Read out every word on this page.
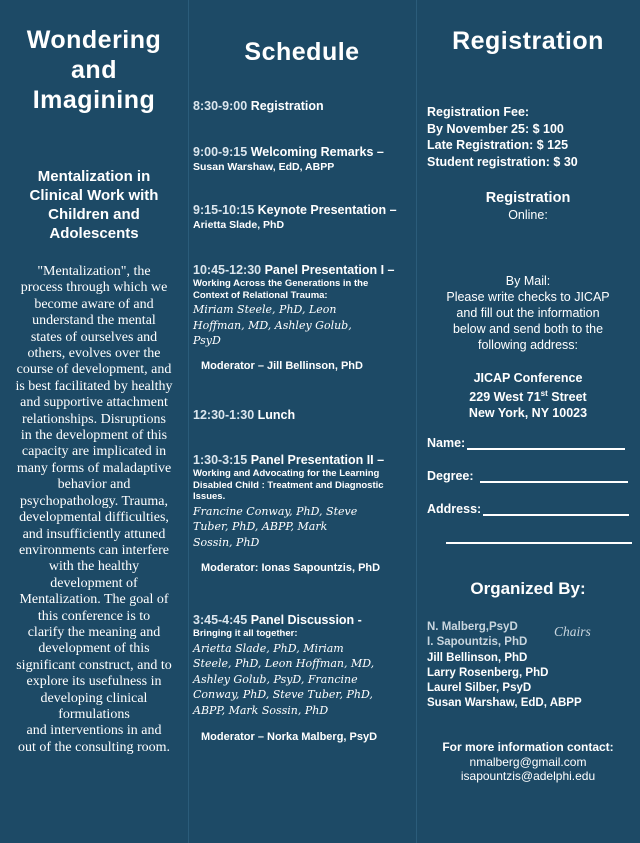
Wondering
and
Imagining
Mentalization in
Clinical Work with
Children and
Adolescents
"Mentalization", the
process through which we
become aware of and
understand the mental
states of ourselves and
others, evolves over the
course of development, and
is best facilitated by healthy
and supportive attachment
relationships. Disruptions
in the development of this
capacity are implicated in
many forms of maladaptive
behavior and
psychopathology. Trauma,
developmental difficulties,
and insufficiently attuned
environments can interfere
with the healthy
development of
Mentalization. The goal of
this conference is to
clarify the meaning and
development of this
significant construct, and to
explore its usefulness in
developing clinical
formulations
and interventions in and
out of the consulting room.
Schedule
8:30-9:00 Registration
9:00-9:15 Welcoming Remarks –
Susan Warshaw, EdD, ABPP
9:15-10:15 Keynote Presentation –
Arietta Slade, PhD
10:45-12:30 Panel Presentation I –
Working Across the Generations in the
Context of Relational Trauma:
Miriam Steele, PhD, Leon
Hoffman, MD, Ashley Golub,
PsyD
Moderator – Jill Bellinson, PhD
12:30-1:30 Lunch
1:30-3:15 Panel Presentation II –
Working and Advocating for the Learning
Disabled Child : Treatment and Diagnostic
Issues.
Francine Conway, PhD, Steve
Tuber, PhD, ABPP, Mark
Sossin, PhD
Moderator: Ionas Sapountzis, PhD
3:45-4:45 Panel Discussion -
Bringing it all together:
Arietta Slade, PhD, Miriam
Steele, PhD, Leon Hoffman, MD,
Ashley Golub, PsyD, Francine
Conway, PhD, Steve Tuber, PhD,
ABPP, Mark Sossin, PhD
Moderator – Norka Malberg, PsyD
Registration
Registration Fee:
By November 25: $ 100
Late Registration: $ 125
Student registration: $ 30
Registration
Online:
By Mail:
Please write checks to JICAP
and fill out the information
below and send both to the
following address:
JICAP Conference
229 West 71st Street
New York, NY 10023
Name:
Degree:
Address:
Organized By:
N. Malberg,PsyD
I. Sapountzis, PhD
Jill Bellinson, PhD
Larry Rosenberg, PhD
Laurel Silber, PsyD
Susan Warshaw, EdD, ABPP
Chairs
For more information contact:
nmalberg@gmail.com
isapountzis@adelphi.edu
